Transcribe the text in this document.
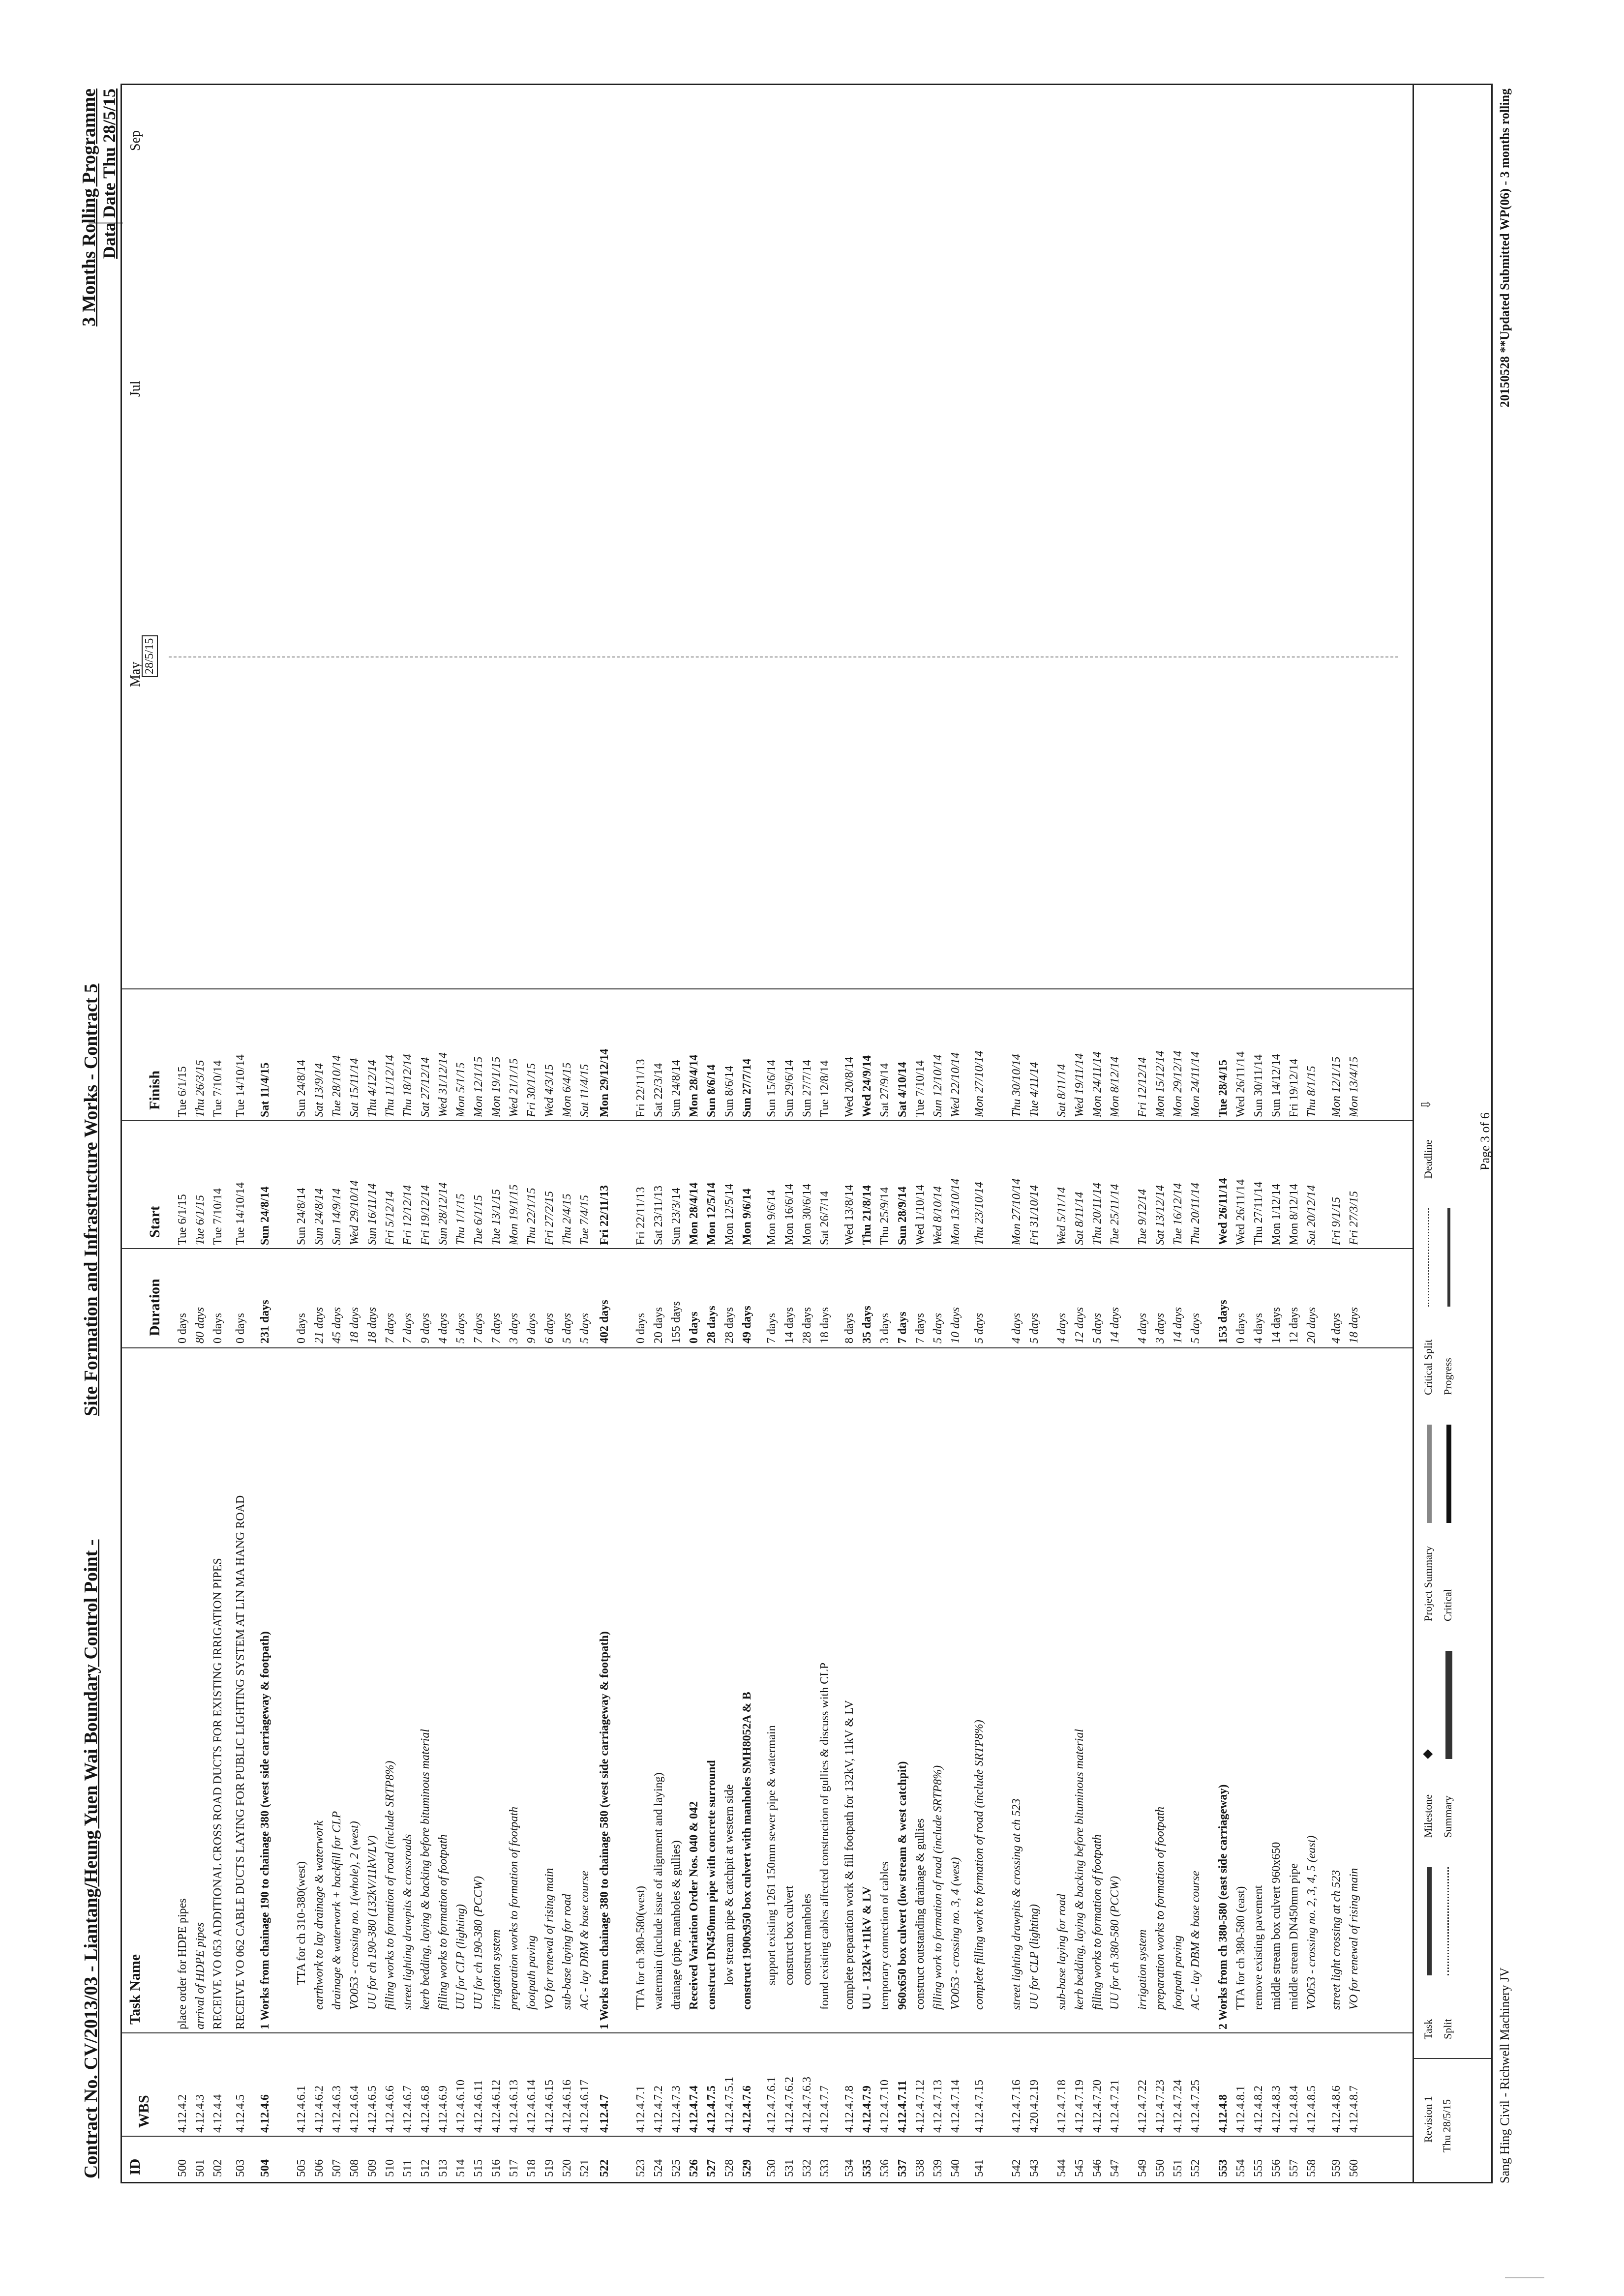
Contract No. CV/2013/03 - Liantang/Heung Yuen Wai Boundary Control Point -
Site Formation and Infrastructure Works - Contract 5
3 Months Rolling Programme Data Date Thu 28/5/15
ID
WBS
Task Name
Duration
Start
Finish
May
Jul
Sep
28/5/15
500
4.12.4.2
place order for HDPE pipes
0 days
Tue 6/1/15
Tue 6/1/15
501
4.12.4.3
arrival of HDPE pipes
80 days
Tue 6/1/15
Thu 26/3/15
502
4.12.4.4
RECEIVE VO 053 ADDITIONAL CROSS ROAD DUCTS FOR EXISTING IRRIGATION PIPES
0 days
Tue 7/10/14
Tue 7/10/14
503
4.12.4.5
RECEIVE VO 062 CABLE DUCTS LAYING FOR PUBLIC LIGHTING SYSTEM AT LIN MA HANG ROAD
0 days
Tue 14/10/14
Tue 14/10/14
504
4.12.4.6
1 Works from chainage 190 to chainage 380 (west side carriageway & footpath)
231 days
Sun 24/8/14
Sat 11/4/15
505
4.12.4.6.1
TTA for ch 310-380(west)
0 days
Sun 24/8/14
Sun 24/8/14
506
4.12.4.6.2
earthwork to lay drainage & waterwork
21 days
Sun 24/8/14
Sat 13/9/14
507
4.12.4.6.3
drainage & waterwork + backfill for CLP
45 days
Sun 14/9/14
Tue 28/10/14
508
4.12.4.6.4
VO053 - crossing no. 1(whole), 2 (west)
18 days
Wed 29/10/14
Sat 15/11/14
509
4.12.4.6.5
UU for ch 190-380 (132kV/11kV/LV)
18 days
Sun 16/11/14
Thu 4/12/14
510
4.12.4.6.6
filling works to formation of road (include SRTP8%)
7 days
Fri 5/12/14
Thu 11/12/14
511
4.12.4.6.7
street lighting drawpits & crossroads
7 days
Fri 12/12/14
Thu 18/12/14
512
4.12.4.6.8
kerb bedding, laying & backing before bituminous material
9 days
Fri 19/12/14
Sat 27/12/14
513
4.12.4.6.9
filling works to formation of footpath
4 days
Sun 28/12/14
Wed 31/12/14
514
4.12.4.6.10
UU for CLP (lighting)
5 days
Thu 1/1/15
Mon 5/1/15
515
4.12.4.6.11
UU for ch 190-380 (PCCW)
7 days
Tue 6/1/15
Mon 12/1/15
516
4.12.4.6.12
irrigation system
7 days
Tue 13/1/15
Mon 19/1/15
517
4.12.4.6.13
preparation works to formation of footpath
3 days
Mon 19/1/15
Wed 21/1/15
518
4.12.4.6.14
footpath paving
9 days
Thu 22/1/15
Fri 30/1/15
519
4.12.4.6.15
VO for renewal of rising main
6 days
Fri 27/2/15
Wed 4/3/15
520
4.12.4.6.16
sub-base laying for road
5 days
Thu 2/4/15
Mon 6/4/15
521
4.12.4.6.17
AC - lay DBM & base course
5 days
Tue 7/4/15
Sat 11/4/15
522
4.12.4.7
1 Works from chainage 380 to chainage 580 (west side carriageway & footpath)
402 days
Fri 22/11/13
Mon 29/12/14
523
4.12.4.7.1
TTA for ch 380-580(west)
0 days
Fri 22/11/13
Fri 22/11/13
524
4.12.4.7.2
watermain (include issue of alignment and laying)
20 days
Sat 23/11/13
Sat 22/3/14
525
4.12.4.7.3
drainage (pipe, manholes & gullies)
155 days
Sun 23/3/14
Sun 24/8/14
526
4.12.4.7.4
Received Variation Order Nos. 040 & 042
0 days
Mon 28/4/14
Mon 28/4/14
527
4.12.4.7.5
construct DN450mm pipe with concrete surround
28 days
Mon 12/5/14
Sun 8/6/14
528
4.12.4.7.5.1
low stream pipe & catchpit at western side
28 days
Mon 12/5/14
Sun 8/6/14
529
4.12.4.7.6
construct 1900x950 box culvert with manholes SMH8052A & B
49 days
Mon 9/6/14
Sun 27/7/14
530
4.12.4.7.6.1
support existing 1261 150mm sewer pipe & watermain
7 days
Mon 9/6/14
Sun 15/6/14
531
4.12.4.7.6.2
construct box culvert
14 days
Mon 16/6/14
Sun 29/6/14
532
4.12.4.7.6.3
construct manholes
28 days
Mon 30/6/14
Sun 27/7/14
533
4.12.4.7.7
found existing cables affected construction of gullies & discuss with CLP
18 days
Sat 26/7/14
Tue 12/8/14
534
4.12.4.7.8
complete preparation work & fill footpath for 132kV, 11kV & LV
8 days
Wed 13/8/14
Wed 20/8/14
535
4.12.4.7.9
UU - 132kV+11kV & LV
35 days
Thu 21/8/14
Wed 24/9/14
536
4.12.4.7.10
temporary connection of cables
3 days
Thu 25/9/14
Sat 27/9/14
537
4.12.4.7.11
960x650 box culvert (low stream & west catchpit)
7 days
Sun 28/9/14
Sat 4/10/14
538
4.12.4.7.12
construct outstanding drainage & gullies
7 days
Wed 1/10/14
Tue 7/10/14
539
4.12.4.7.13
filling work to formation of road (include SRTP8%)
5 days
Wed 8/10/14
Sun 12/10/14
540
4.12.4.7.14
VO053 - crossing no. 3, 4 (west)
10 days
Mon 13/10/14
Wed 22/10/14
541
4.12.4.7.15
complete filling work to formation of road (include SRTP8%)
5 days
Thu 23/10/14
Mon 27/10/14
542
4.12.4.7.16
street lighting drawpits & crossing at ch 523
4 days
Mon 27/10/14
Thu 30/10/14
543
4.20.4.2.19
UU for CLP (lighting)
5 days
Fri 31/10/14
Tue 4/11/14
544
4.12.4.7.18
sub-base laying for road
4 days
Wed 5/11/14
Sat 8/11/14
545
4.12.4.7.19
kerb bedding, laying & backing before bituminous material
12 days
Sat 8/11/14
Wed 19/11/14
546
4.12.4.7.20
filling works to formation of footpath
5 days
Thu 20/11/14
Mon 24/11/14
547
4.12.4.7.21
UU for ch 380-580 (PCCW)
14 days
Tue 25/11/14
Mon 8/12/14
549
4.12.4.7.22
irrigation system
4 days
Tue 9/12/14
Fri 12/12/14
550
4.12.4.7.23
preparation works to formation of footpath
3 days
Sat 13/12/14
Mon 15/12/14
551
4.12.4.7.24
footpath paving
14 days
Tue 16/12/14
Mon 29/12/14
552
4.12.4.7.25
AC - lay DBM & base course
5 days
Thu 20/11/14
Mon 24/11/14
553
4.12.4.8
2 Works from ch 380-580 (east side carriageway)
153 days
Wed 26/11/14
Tue 28/4/15
554
4.12.4.8.1
TTA for ch 380-580 (east)
0 days
Wed 26/11/14
Wed 26/11/14
555
4.12.4.8.2
remove existing pavement
4 days
Thu 27/11/14
Sun 30/11/14
556
4.12.4.8.3
middle stream box culvert 960x650
14 days
Mon 1/12/14
Sun 14/12/14
557
4.12.4.8.4
middle stream DN450mm pipe
12 days
Mon 8/12/14
Fri 19/12/14
558
4.12.4.8.5
VO053 - crossing no. 2, 3, 4, 5 (east)
20 days
Sat 20/12/14
Thu 8/1/15
559
4.12.4.8.6
street light crossing at ch 523
4 days
Fri 9/1/15
Mon 12/1/15
560
4.12.4.8.7
VO for renewal of rising main
18 days
Fri 27/3/15
Mon 13/4/15
Revision 1 Thu 28/5/15
Task Split
Milestone
◆
Summary
Project Summary Critical
Critical Split Progress
Deadline
⇩
Sang Hing Civil - Richwell Machinery JV
Page 3 of 6
20150528 **Updated Submitted WP(06) - 3 months rolling
